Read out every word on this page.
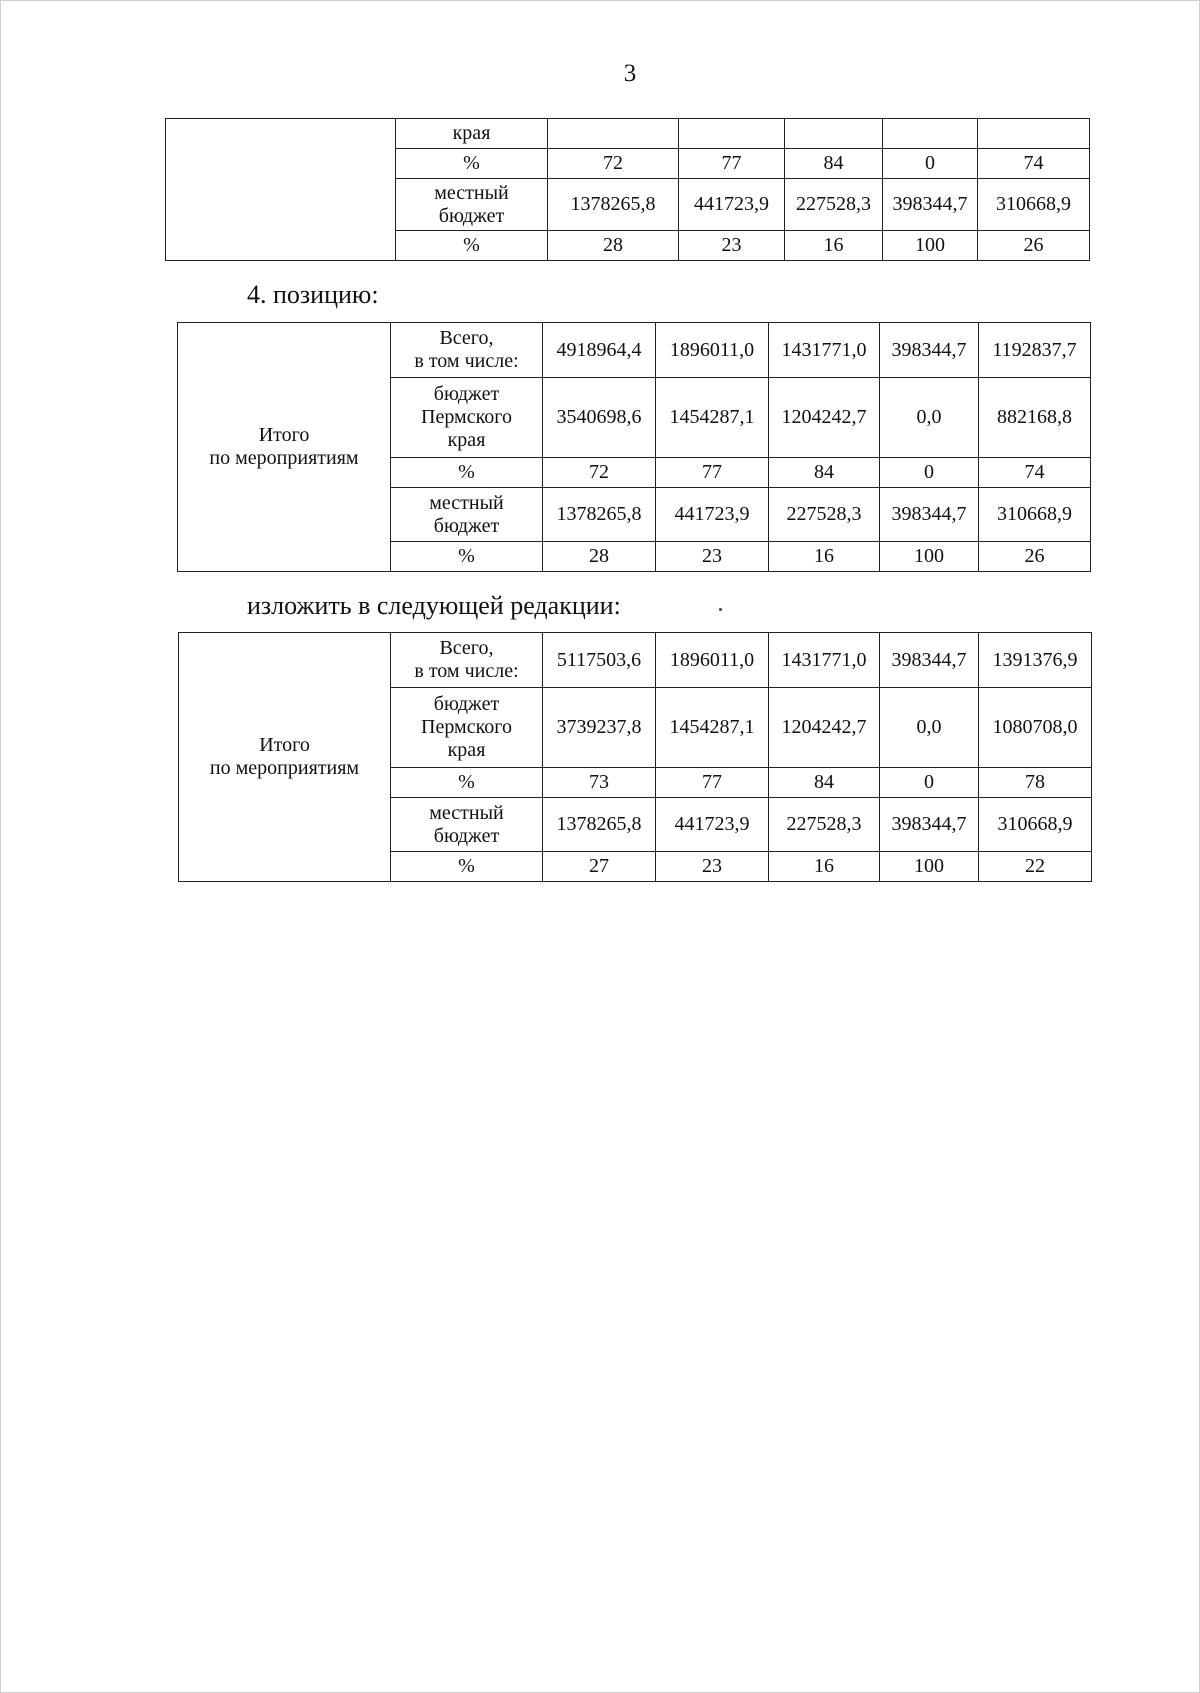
3
	края					
	%	72	77	84	0	74
	местный
бюджет	1378265,8	441723,9	227528,3	398344,7	310668,9
	%	28	23	16	100	26
4. позицию:
Итого
по мероприятиям	Всего,
в том числе:	4918964,4	1896011,0	1431771,0	398344,7	1192837,7
	бюджет
Пермского
края	3540698,6	1454287,1	1204242,7	0,0	882168,8
	%	72	77	84	0	74
	местный
бюджет	1378265,8	441723,9	227528,3	398344,7	310668,9
	%	28	23	16	100	26
изложить в следующей редакции:
Итого
по мероприятиям	Всего,
в том числе:	5117503,6	1896011,0	1431771,0	398344,7	1391376,9
	бюджет
Пермского
края	3739237,8	1454287,1	1204242,7	0,0	1080708,0
	%	73	77	84	0	78
	местный
бюджет	1378265,8	441723,9	227528,3	398344,7	310668,9
	%	27	23	16	100	22
